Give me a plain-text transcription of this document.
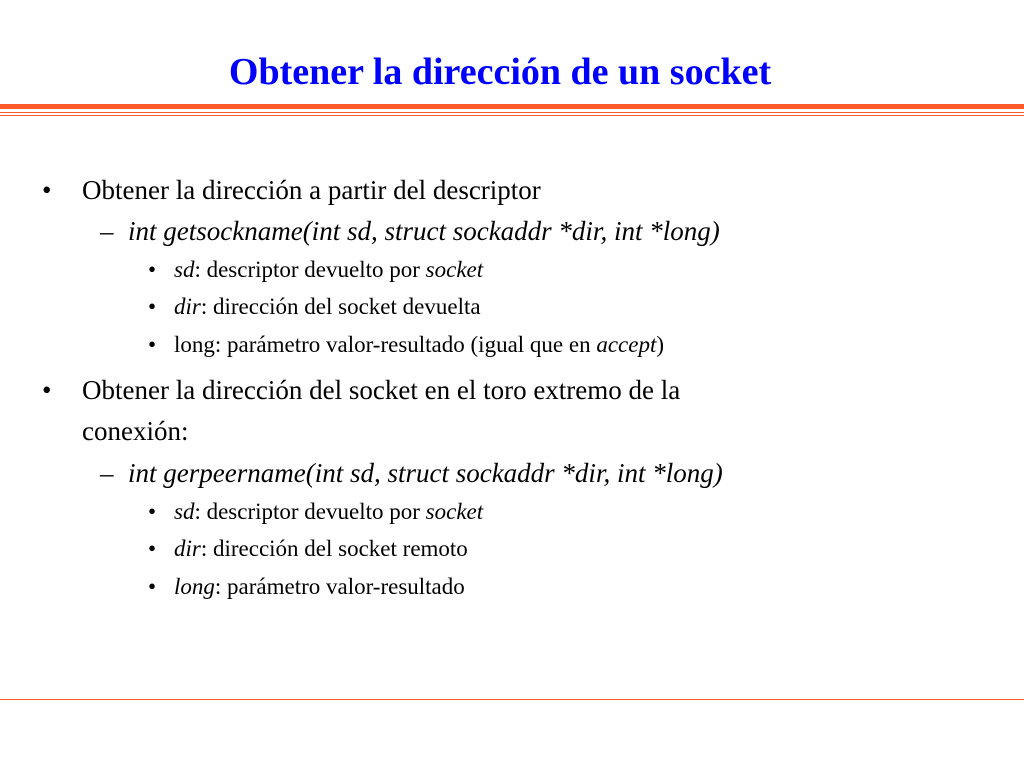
Obtener la dirección de un socket
• Obtener la dirección a partir del descriptor
– int getsockname(int sd, struct sockaddr *dir, int *long)
• sd: descriptor devuelto por socket
• dir: dirección del socket devuelta
• long: parámetro valor-resultado (igual que en accept)
• Obtener la dirección del socket en el toro extremo de la
conexión:
– int gerpeername(int sd, struct sockaddr *dir, int *long)
• sd: descriptor devuelto por socket
• dir: dirección del socket remoto
• long: parámetro valor-resultado
